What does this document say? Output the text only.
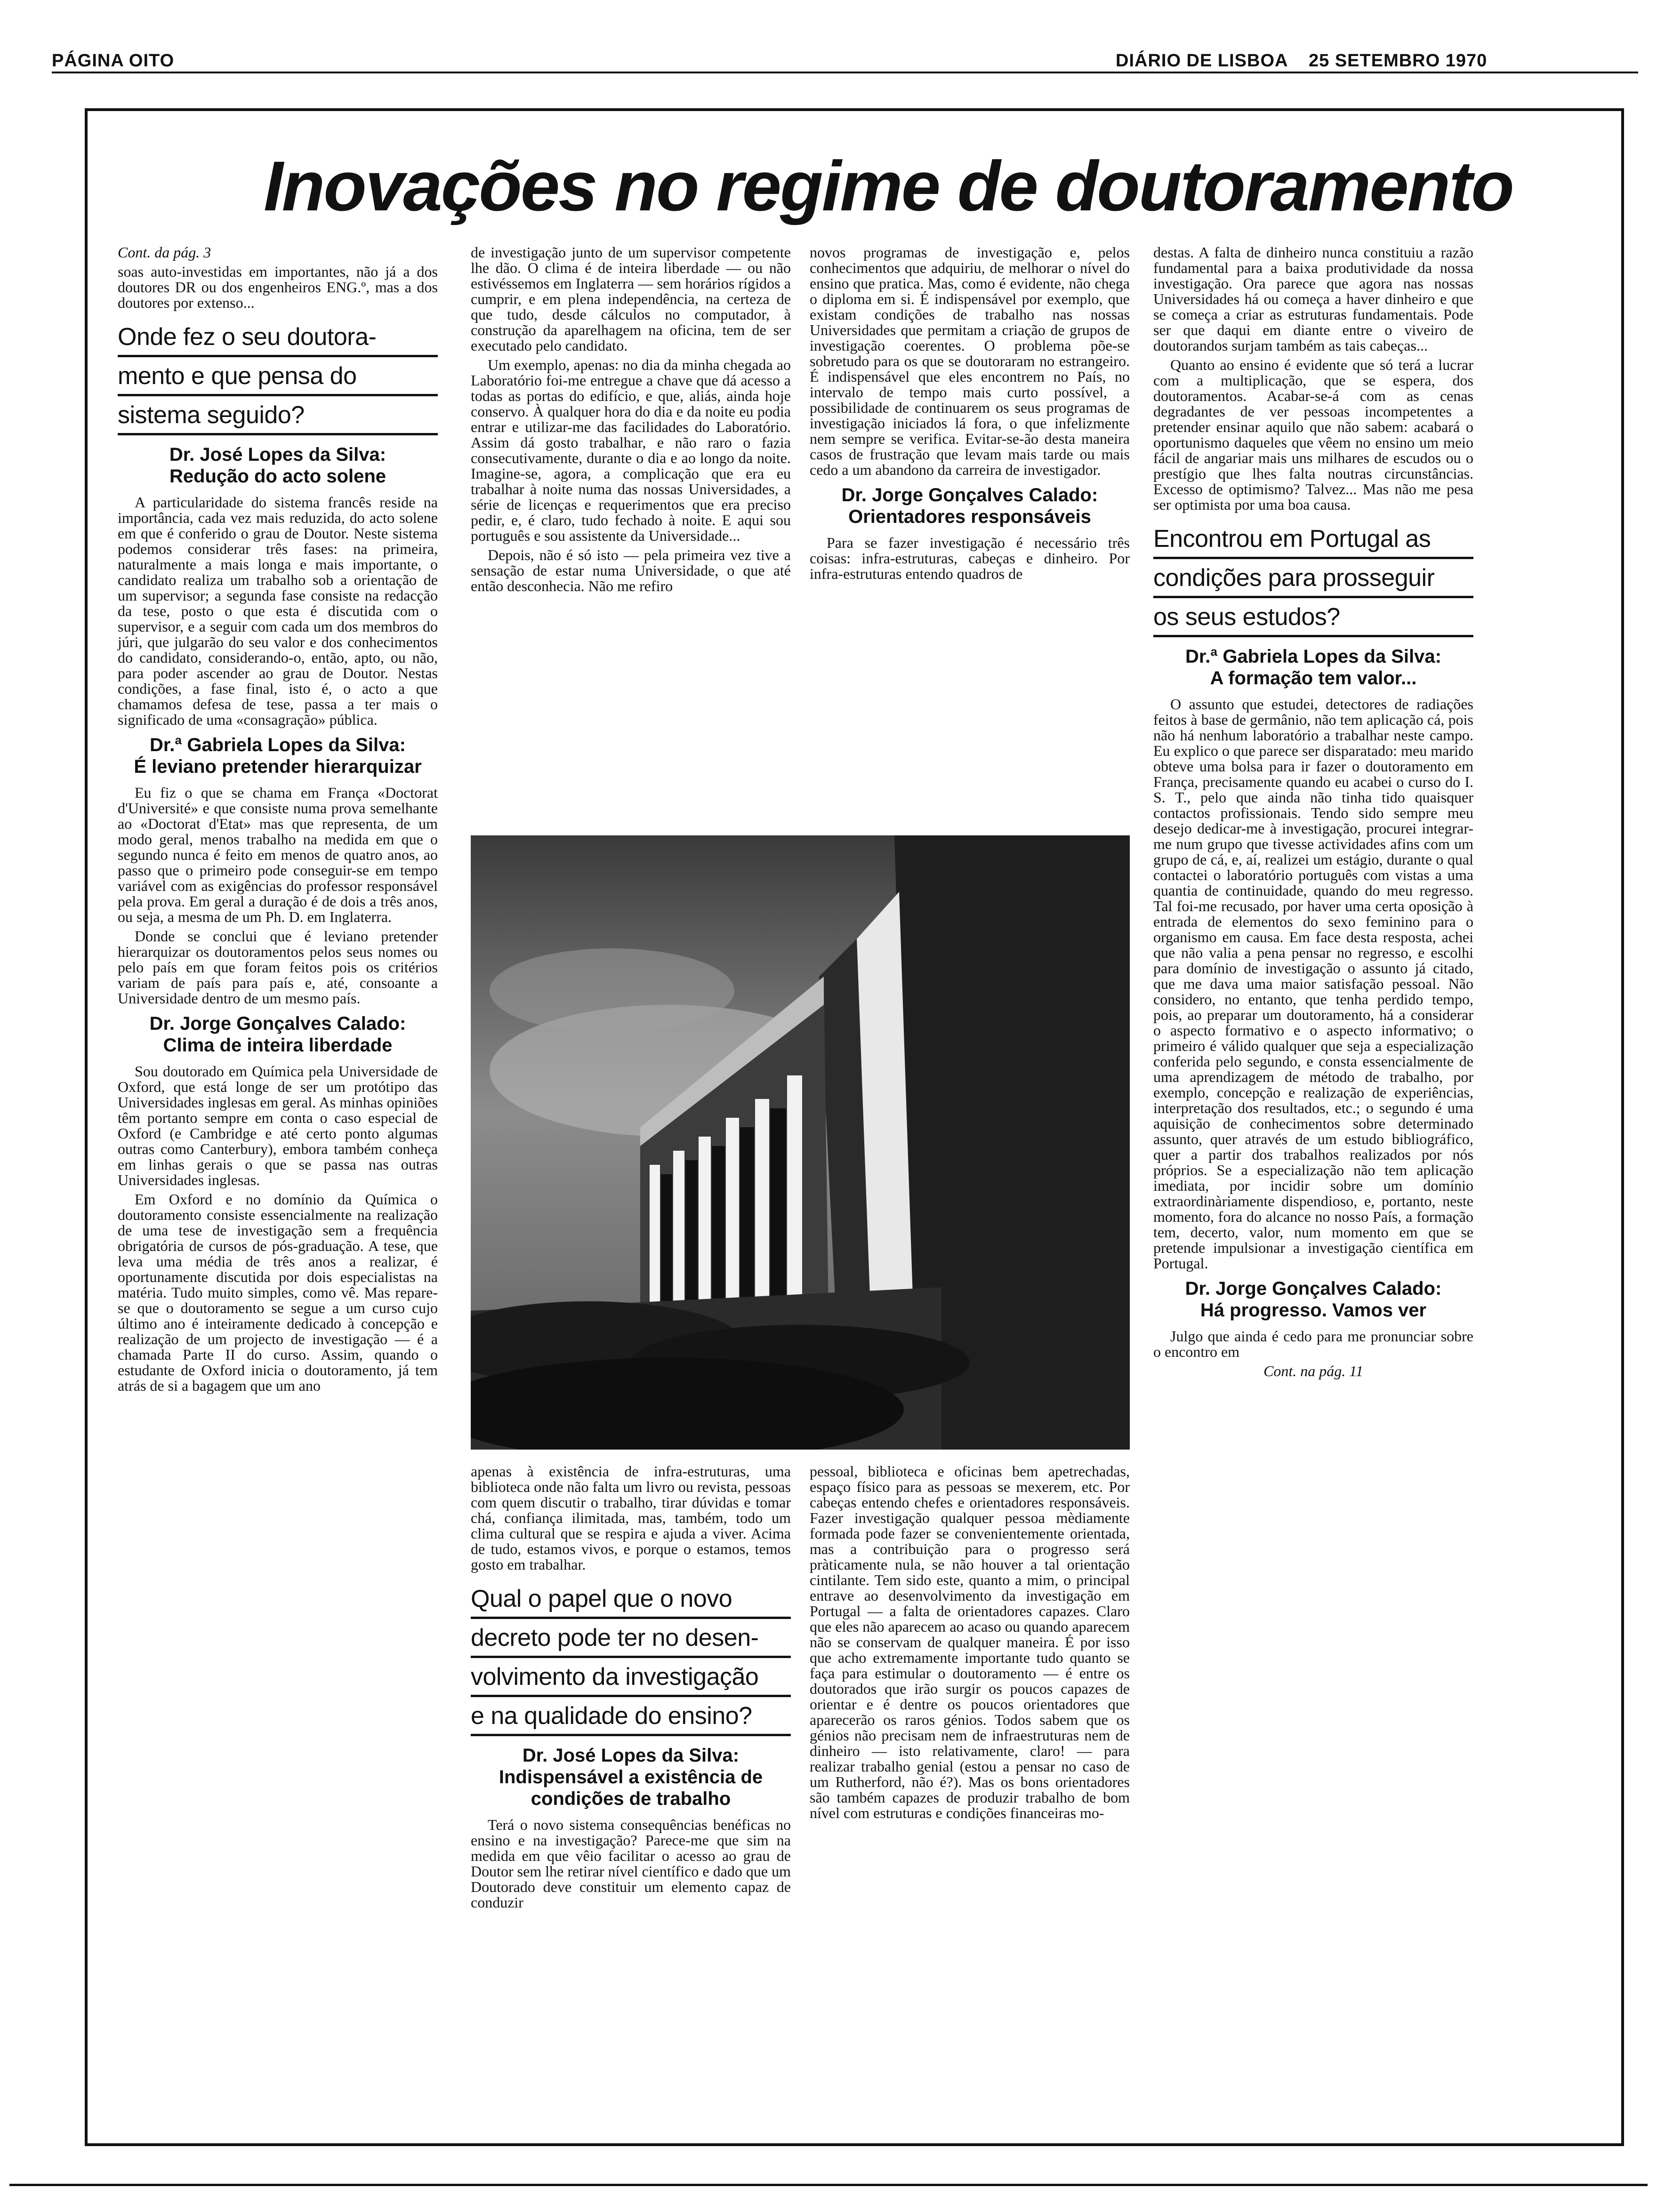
PÁGINA OITO	DIÁRIO DE LISBOA 25 SETEMBRO 1970
Inovações no regime de doutoramento

Cont. da pág. 3

soas auto-investidas em importantes, não já a dos doutores DR ou dos engenheiros ENG.º, mas a dos doutores por extenso...

Onde fez o seu doutora-
mento e que pensa do
sistema seguido?
Dr. José Lopes da Silva:
Redução do acto solene

A particularidade do sistema francês reside na importância, cada vez mais reduzida, do acto solene em que é conferido o grau de Doutor. Neste sistema podemos considerar três fases: na primeira, naturalmente a mais longa e mais importante, o candidato realiza um trabalho sob a orientação de um supervisor; a segunda fase consiste na redacção da tese, posto o que esta é discutida com o supervisor, e a seguir com cada um dos membros do júri, que julgarão do seu valor e dos conhecimentos do candidato, considerando-o, então, apto, ou não, para poder ascender ao grau de Doutor. Nestas condições, a fase final, isto é, o acto a que chamamos defesa de tese, passa a ter mais o significado de uma «consagração» pública.

Dr.ª Gabriela Lopes da Silva:
É leviano pretender hierarquizar

Eu fiz o que se chama em França «Doctorat d'Université» e que consiste numa prova semelhante ao «Doctorat d'Etat» mas que representa, de um modo geral, menos trabalho na medida em que o segundo nunca é feito em menos de quatro anos, ao passo que o primeiro pode conseguir-se em tempo variável com as exigências do professor responsável pela prova. Em geral a duração é de dois a três anos, ou seja, a mesma de um Ph. D. em Inglaterra.

Donde se conclui que é leviano pretender hierarquizar os doutoramentos pelos seus nomes ou pelo país em que foram feitos pois os critérios variam de país para país e, até, consoante a Universidade dentro de um mesmo país.

Dr. Jorge Gonçalves Calado:
Clima de inteira liberdade

Sou doutorado em Química pela Universidade de Oxford, que está longe de ser um protótipo das Universidades inglesas em geral. As minhas opiniões têm portanto sempre em conta o caso especial de Oxford (e Cambridge e até certo ponto algumas outras como Canterbury), embora também conheça em linhas gerais o que se passa nas outras Universidades inglesas.

Em Oxford e no domínio da Química o doutoramento consiste essencialmente na realização de uma tese de investigação sem a frequência obrigatória de cursos de pós-graduação. A tese, que leva uma média de três anos a realizar, é oportunamente discutida por dois especialistas na matéria. Tudo muito simples, como vê. Mas repare-se que o doutoramento se segue a um curso cujo último ano é inteiramente dedicado à concepção e realização de um projecto de investigação — é a chamada Parte II do curso. Assim, quando o estudante de Oxford inicia o doutoramento, já tem atrás de si a bagagem que um ano

de investigação junto de um supervisor competente lhe dão. O clima é de inteira liberdade — ou não estivéssemos em Inglaterra — sem horários rígidos a cumprir, e em plena independência, na certeza de que tudo, desde cálculos no computador, à construção da aparelhagem na oficina, tem de ser executado pelo candidato.

Um exemplo, apenas: no dia da minha chegada ao Laboratório foi-me entregue a chave que dá acesso a todas as portas do edifício, e que, aliás, ainda hoje conservo. À qualquer hora do dia e da noite eu podia entrar e utilizar-me das facilidades do Laboratório. Assim dá gosto trabalhar, e não raro o fazia consecutivamente, durante o dia e ao longo da noite. Imagine-se, agora, a complicação que era eu trabalhar à noite numa das nossas Universidades, a série de licenças e requerimentos que era preciso pedir, e, é claro, tudo fechado à noite. E aqui sou português e sou assistente da Universidade...

Depois, não é só isto — pela primeira vez tive a sensação de estar numa Universidade, o que até então desconhecia. Não me refiro

novos programas de investigação e, pelos conhecimentos que adquiriu, de melhorar o nível do ensino que pratica. Mas, como é evidente, não chega o diploma em si. É indispensável por exemplo, que existam condições de trabalho nas nossas Universidades que permitam a criação de grupos de investigação coerentes. O problema põe-se sobretudo para os que se doutoraram no estrangeiro. É indispensável que eles encontrem no País, no intervalo de tempo mais curto possível, a possibilidade de continuarem os seus programas de investigação iniciados lá fora, o que infelizmente nem sempre se verifica. Evitar-se-ão desta maneira casos de frustração que levam mais tarde ou mais cedo a um abandono da carreira de investigador.

Dr. Jorge Gonçalves Calado:
Orientadores responsáveis

Para se fazer investigação é necessário três coisas: infra-estruturas, cabeças e dinheiro. Por infra-estruturas entendo quadros de

apenas à existência de infra-estruturas, uma biblioteca onde não falta um livro ou revista, pessoas com quem discutir o trabalho, tirar dúvidas e tomar chá, confiança ilimitada, mas, também, todo um clima cultural que se respira e ajuda a viver. Acima de tudo, estamos vivos, e porque o estamos, temos gosto em trabalhar.

Qual o papel que o novo
decreto pode ter no desen-
volvimento da investigação
e na qualidade do ensino?
Dr. José Lopes da Silva:
Indispensável a existência de condições de trabalho

Terá o novo sistema consequências benéficas no ensino e na investigação? Parece-me que sim na medida em que vêio facilitar o acesso ao grau de Doutor sem lhe retirar nível científico e dado que um Doutorado deve constituir um elemento capaz de conduzir

pessoal, biblioteca e oficinas bem apetrechadas, espaço físico para as pessoas se mexerem, etc. Por cabeças entendo chefes e orientadores responsáveis. Fazer investigação qualquer pessoa mèdiamente formada pode fazer se convenientemente orientada, mas a contribuição para o progresso será pràticamente nula, se não houver a tal orientação cintilante. Tem sido este, quanto a mim, o principal entrave ao desenvolvimento da investigação em Portugal — a falta de orientadores capazes. Claro que eles não aparecem ao acaso ou quando aparecem não se conservam de qualquer maneira. É por isso que acho extremamente importante tudo quanto se faça para estimular o doutoramento — é entre os doutorados que irão surgir os poucos capazes de orientar e é dentre os poucos orientadores que aparecerão os raros génios. Todos sabem que os génios não precisam nem de infraestruturas nem de dinheiro — isto relativamente, claro! — para realizar trabalho genial (estou a pensar no caso de um Rutherford, não é?). Mas os bons orientadores são também capazes de produzir trabalho de bom nível com estruturas e condições financeiras mo-

destas. A falta de dinheiro nunca constituiu a razão fundamental para a baixa produtividade da nossa investigação. Ora parece que agora nas nossas Universidades há ou começa a haver dinheiro e que se começa a criar as estruturas fundamentais. Pode ser que daqui em diante entre o viveiro de doutorandos surjam também as tais cabeças...

Quanto ao ensino é evidente que só terá a lucrar com a multiplicação, que se espera, dos doutoramentos. Acabar-se-á com as cenas degradantes de ver pessoas incompetentes a pretender ensinar aquilo que não sabem: acabará o oportunismo daqueles que vêem no ensino um meio fácil de angariar mais uns milhares de escudos ou o prestígio que lhes falta noutras circunstâncias. Excesso de optimismo? Talvez... Mas não me pesa ser optimista por uma boa causa.

Encontrou em Portugal as
condições para prosseguir
os seus estudos?
Dr.ª Gabriela Lopes da Silva:
A formação tem valor...

O assunto que estudei, detectores de radiações feitos à base de germânio, não tem aplicação cá, pois não há nenhum laboratório a trabalhar neste campo. Eu explico o que parece ser disparatado: meu marido obteve uma bolsa para ir fazer o doutoramento em França, precisamente quando eu acabei o curso do I. S. T., pelo que ainda não tinha tido quaisquer contactos profissionais. Tendo sido sempre meu desejo dedicar-me à investigação, procurei integrar-me num grupo que tivesse actividades afins com um grupo de cá, e, aí, realizei um estágio, durante o qual contactei o laboratório português com vistas a uma quantia de continuidade, quando do meu regresso. Tal foi-me recusado, por haver uma certa oposição à entrada de elementos do sexo feminino para o organismo em causa. Em face desta resposta, achei que não valia a pena pensar no regresso, e escolhi para domínio de investigação o assunto já citado, que me dava uma maior satisfação pessoal. Não considero, no entanto, que tenha perdido tempo, pois, ao preparar um doutoramento, há a considerar o aspecto formativo e o aspecto informativo; o primeiro é válido qualquer que seja a especialização conferida pelo segundo, e consta essencialmente de uma aprendizagem de método de trabalho, por exemplo, concepção e realização de experiências, interpretação dos resultados, etc.; o segundo é uma aquisição de conhecimentos sobre determinado assunto, quer através de um estudo bibliográfico, quer a partir dos trabalhos realizados por nós próprios. Se a especialização não tem aplicação imediata, por incidir sobre um domínio extraordinàriamente dispendioso, e, portanto, neste momento, fora do alcance no nosso País, a formação tem, decerto, valor, num momento em que se pretende impulsionar a investigação científica em Portugal.

Dr. Jorge Gonçalves Calado:
Há progresso. Vamos ver

Julgo que ainda é cedo para me pronunciar sobre o encontro em

Cont. na pág. 11
